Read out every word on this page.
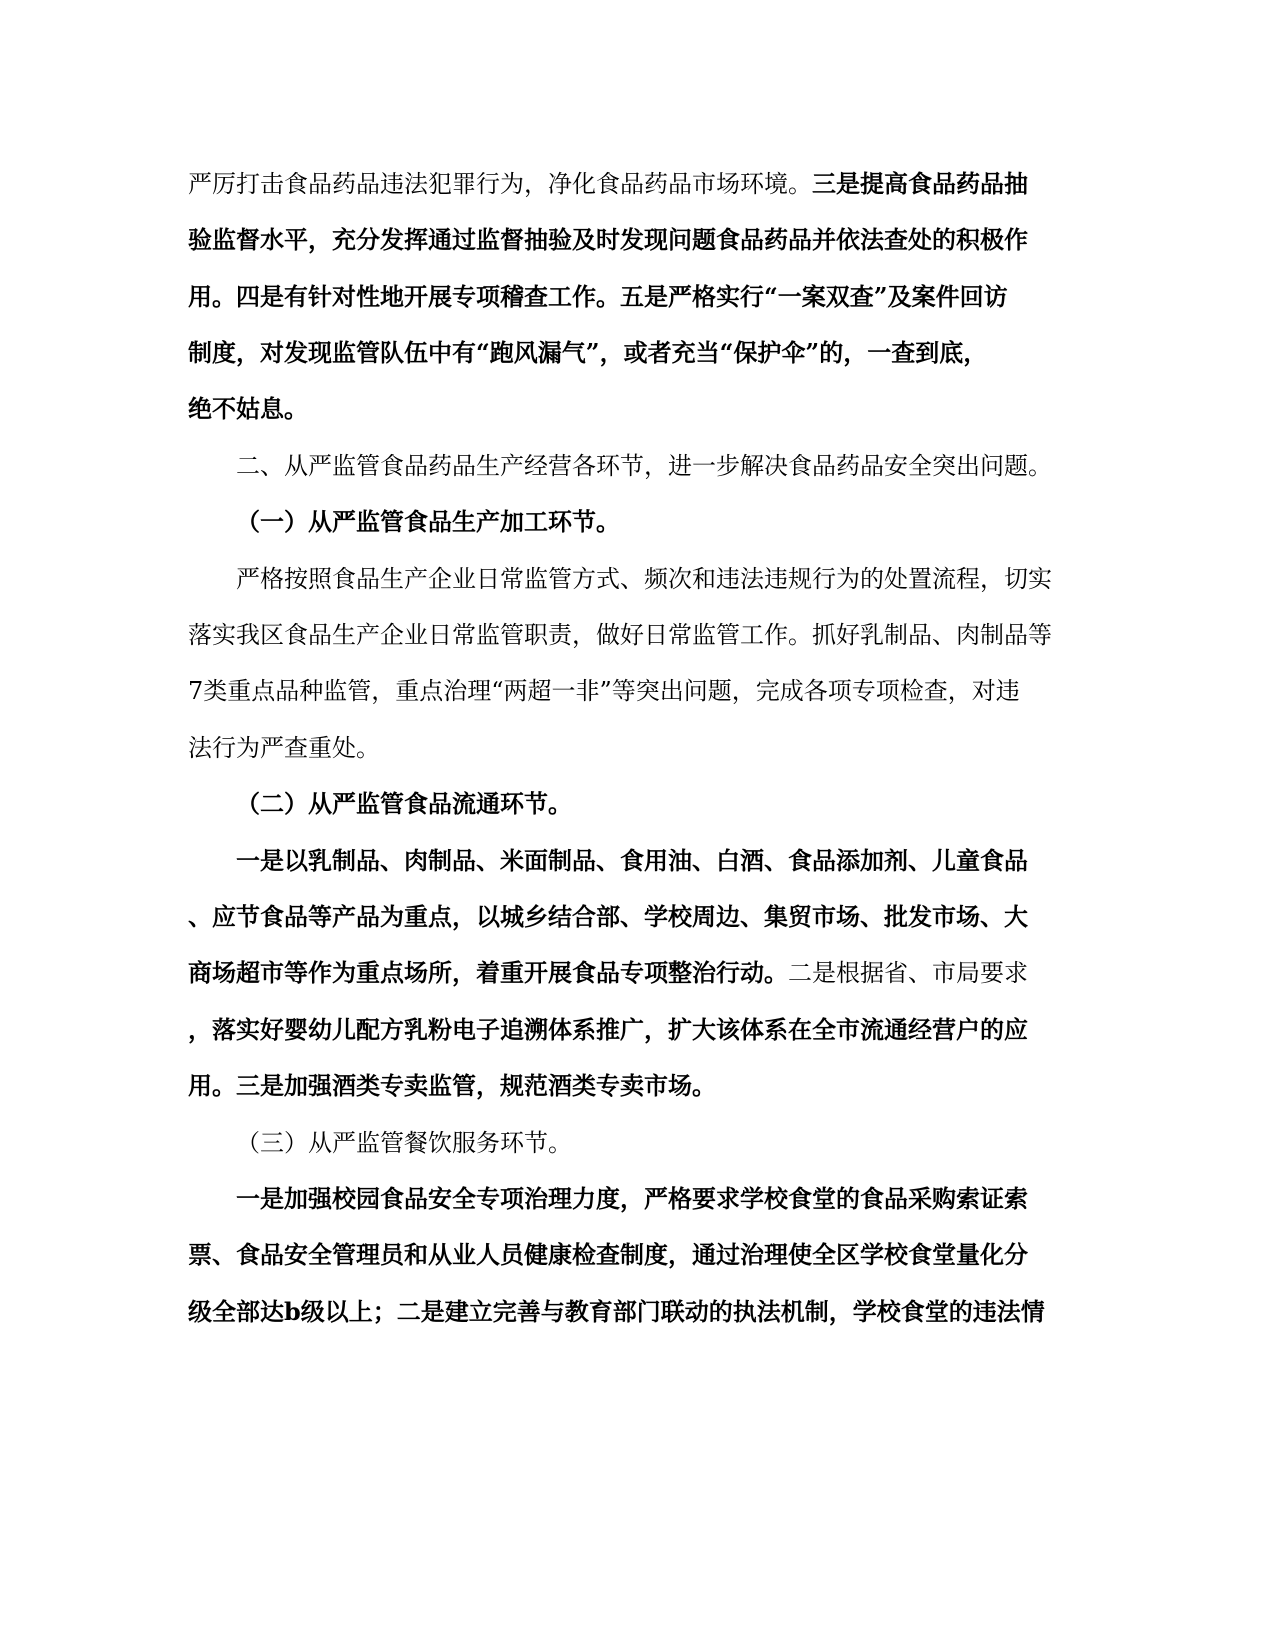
严厉打击食品药品违法犯罪行为，净化食品药品市场环境。三是提高食品药品抽
验监督水平，充分发挥通过监督抽验及时发现问题食品药品并依法查处的积极作
用。四是有针对性地开展专项稽查工作。五是严格实行“一案双查”及案件回访
制度，对发现监管队伍中有“跑风漏气”，或者充当“保护伞”的，一查到底，
绝不姑息。
二、从严监管食品药品生产经营各环节，进一步解决食品药品安全突出问题。
（一）从严监管食品生产加工环节。
严格按照食品生产企业日常监管方式、频次和违法违规行为的处置流程，切实
落实我区食品生产企业日常监管职责，做好日常监管工作。抓好乳制品、肉制品等
7类重点品种监管，重点治理“两超一非”等突出问题，完成各项专项检查，对违
法行为严查重处。
（二）从严监管食品流通环节。
一是以乳制品、肉制品、米面制品、食用油、白酒、食品添加剂、儿童食品
、应节食品等产品为重点，以城乡结合部、学校周边、集贸市场、批发市场、大
商场超市等作为重点场所，着重开展食品专项整治行动。二是根据省、市局要求
，落实好婴幼儿配方乳粉电子追溯体系推广，扩大该体系在全市流通经营户的应
用。三是加强酒类专卖监管，规范酒类专卖市场。
（三）从严监管餐饮服务环节。
一是加强校园食品安全专项治理力度，严格要求学校食堂的食品采购索证索
票、食品安全管理员和从业人员健康检查制度，通过治理使全区学校食堂量化分
级全部达b级以上；二是建立完善与教育部门联动的执法机制，学校食堂的违法情
